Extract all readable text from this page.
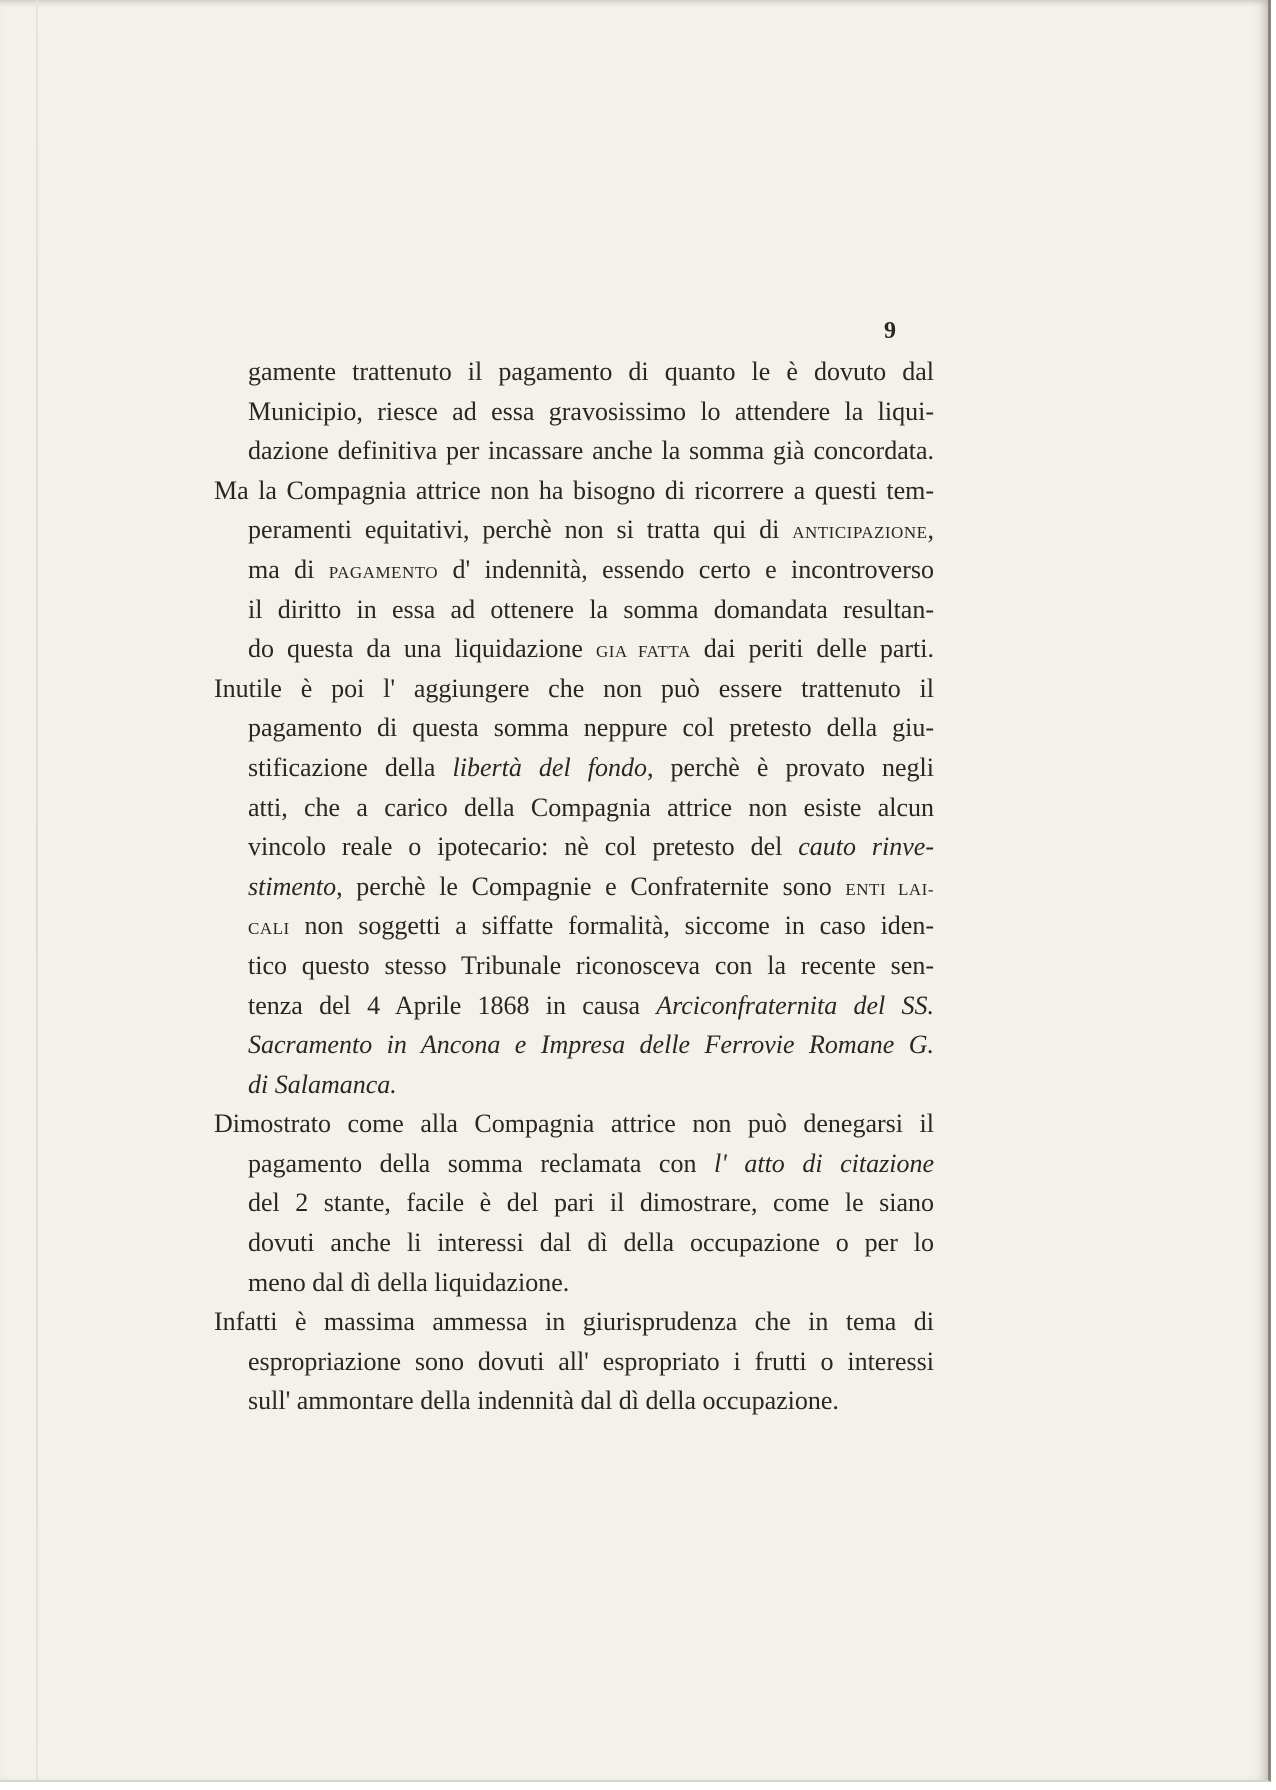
9
gamente trattenuto il pagamento di quanto le è dovuto dal
Municipio, riesce ad essa gravosissimo lo attendere la liqui-
dazione definitiva per incassare anche la somma già concordata.
Ma la Compagnia attrice non ha bisogno di ricorrere a questi tem-
peramenti equitativi, perchè non si tratta qui di ANTICIPAZIONE,
ma di PAGAMENTO d' indennità, essendo certo e incontroverso
il diritto in essa ad ottenere la somma domandata resultan-
do questa da una liquidazione GIA FATTA dai periti delle parti.
Inutile è poi l' aggiungere che non può essere trattenuto il
pagamento di questa somma neppure col pretesto della giu-
stificazione della libertà del fondo, perchè è provato negli
atti, che a carico della Compagnia attrice non esiste alcun
vincolo reale o ipotecario: nè col pretesto del cauto rinve-
stimento, perchè le Compagnie e Confraternite sono ENTI LAI-
CALI non soggetti a siffatte formalità, siccome in caso iden-
tico questo stesso Tribunale riconosceva con la recente sen-
tenza del 4 Aprile 1868 in causa Arciconfraternita del SS.
Sacramento in Ancona e Impresa delle Ferrovie Romane G.
di Salamanca.
Dimostrato come alla Compagnia attrice non può denegarsi il
pagamento della somma reclamata con l' atto di citazione
del 2 stante, facile è del pari il dimostrare, come le siano
dovuti anche li interessi dal dì della occupazione o per lo
meno dal dì della liquidazione.
Infatti è massima ammessa in giurisprudenza che in tema di
espropriazione sono dovuti all' espropriato i frutti o interessi
sull' ammontare della indennità dal dì della occupazione.
